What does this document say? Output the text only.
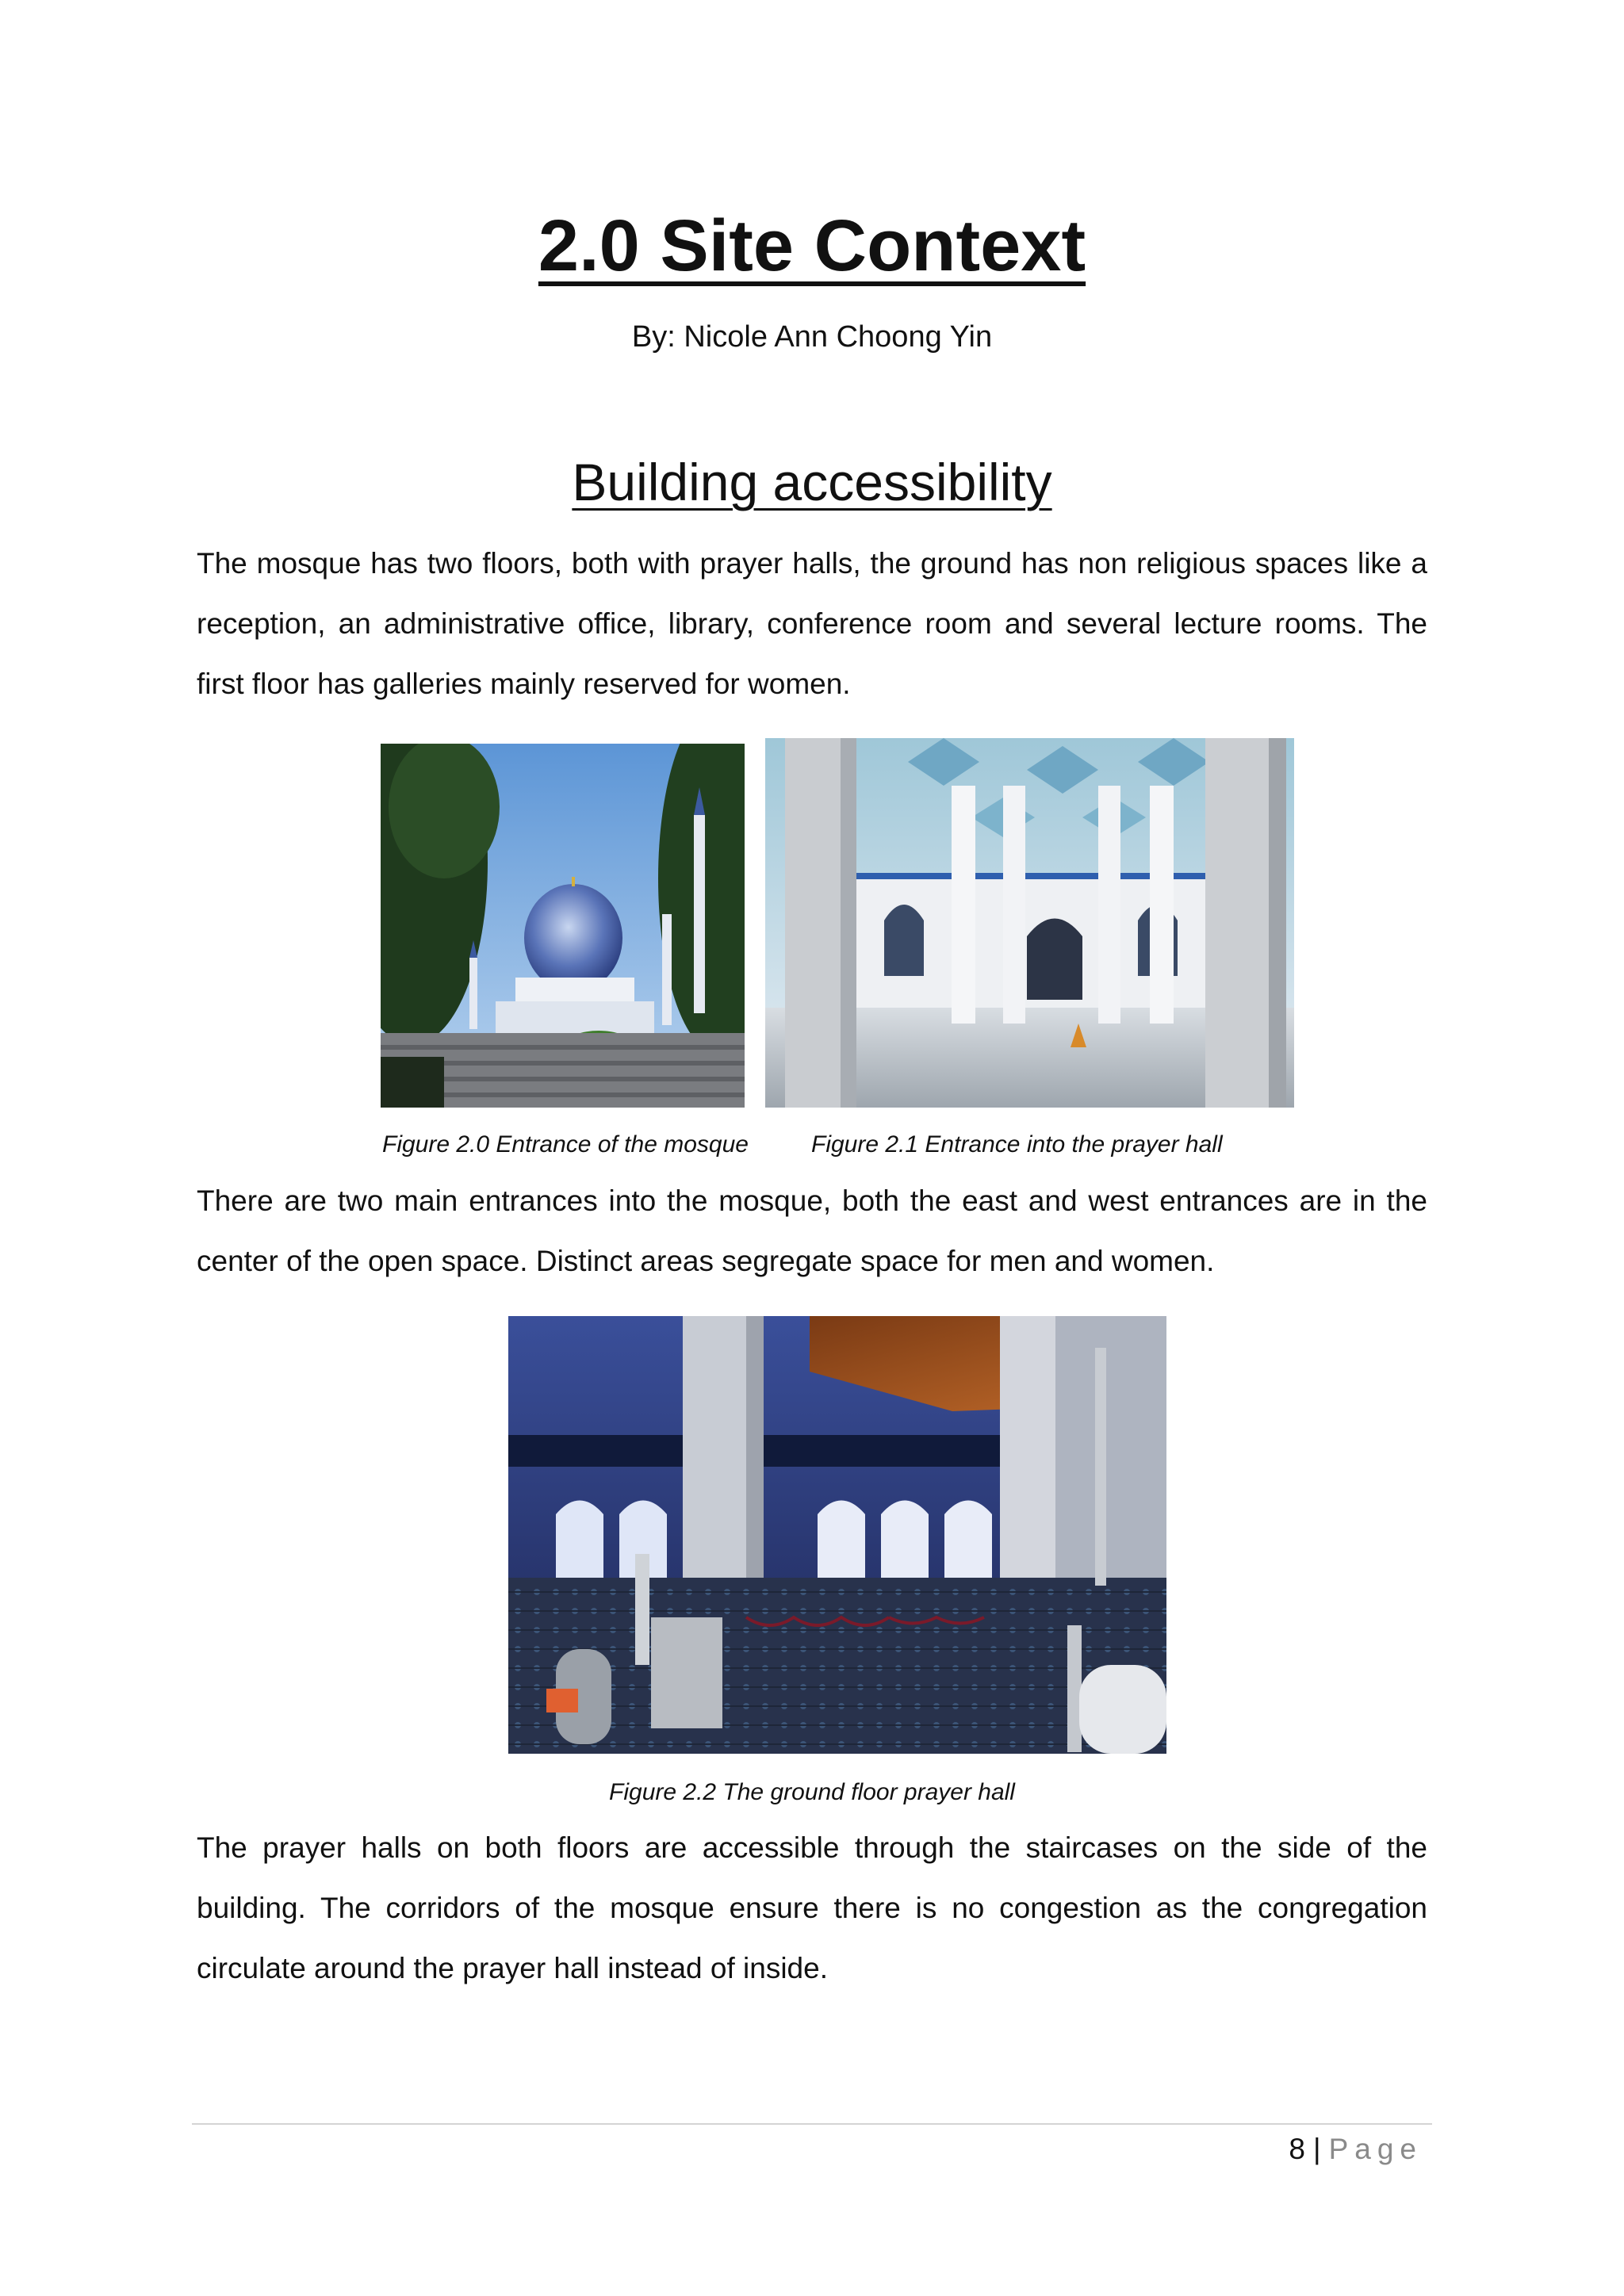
2.0 Site Context
By: Nicole Ann Choong Yin
Building accessibility

The mosque has two floors, both with prayer halls, the ground has non religious spaces like a reception, an administrative office, library, conference room and several lecture rooms. The first floor has galleries mainly reserved for women.

Figure 2.0 Entrance of the mosque	Figure 2.1 Entrance into the prayer hall

There are two main entrances into the mosque, both the east and west entrances are in the center of the open space. Distinct areas segregate space for men and women.

Figure 2.2 The ground floor prayer hall

The prayer halls on both floors are accessible through the staircases on the side of the building. The corridors of the mosque ensure there is no congestion as the congregation circulate around the prayer hall instead of inside.

8 | Page
